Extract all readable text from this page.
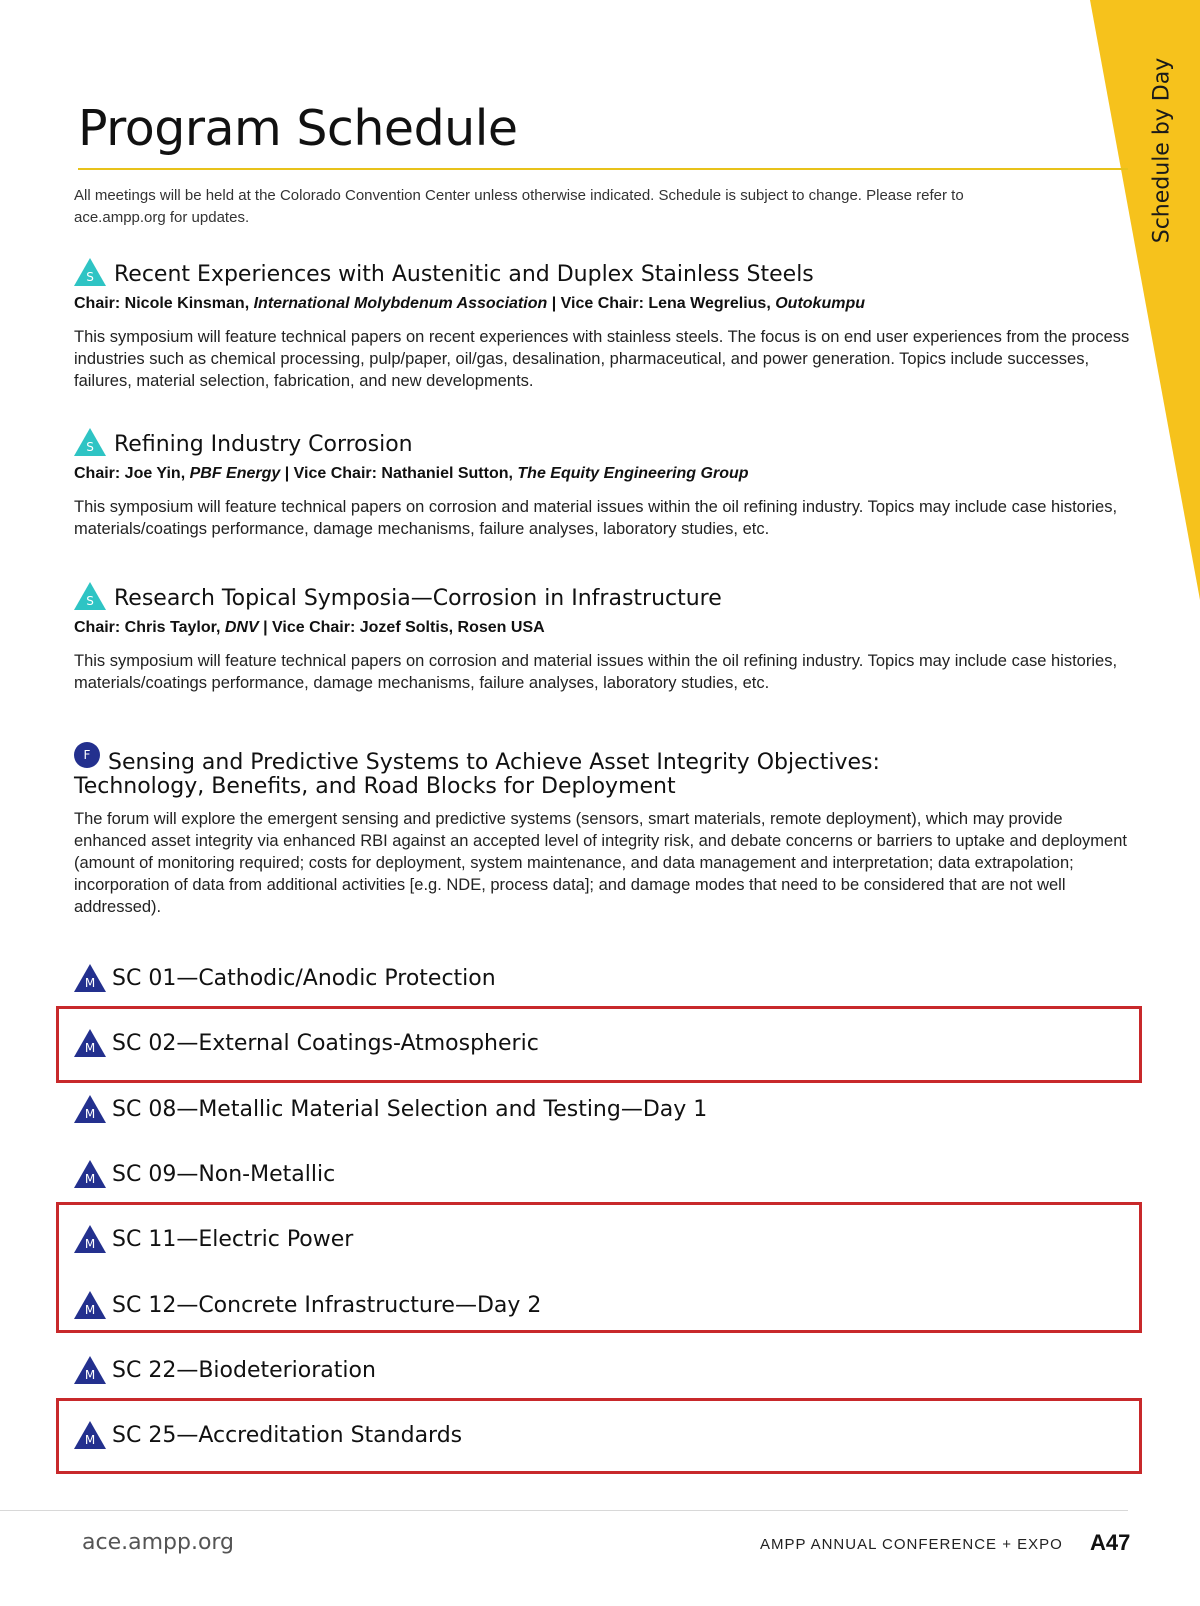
Schedule by Day
Program Schedule

All meetings will be held at the Colorado Convention Center unless otherwise indicated. Schedule is subject to change. Please refer to ace.ampp.org for updates.

S Recent Experiences with Austenitic and Duplex Stainless Steels

Chair: Nicole Kinsman, International Molybdenum Association | Vice Chair: Lena Wegrelius, Outokumpu

This symposium will feature technical papers on recent experiences with stainless steels. The focus is on end user experiences from the process industries such as chemical processing, pulp/paper, oil/gas, desalination, pharmaceutical, and power generation. Topics include successes, failures, material selection, fabrication, and new developments.

S Refining Industry Corrosion

Chair: Joe Yin, PBF Energy | Vice Chair: Nathaniel Sutton, The Equity Engineering Group

This symposium will feature technical papers on corrosion and material issues within the oil refining industry. Topics may include case histories, materials/coatings performance, damage mechanisms, failure analyses, laboratory studies, etc.

S Research Topical Symposia—Corrosion in Infrastructure

Chair: Chris Taylor, DNV | Vice Chair: Jozef Soltis, Rosen USA

This symposium will feature technical papers on corrosion and material issues within the oil refining industry. Topics may include case histories, materials/coatings performance, damage mechanisms, failure analyses, laboratory studies, etc.

F Sensing and Predictive Systems to Achieve Asset Integrity Objectives:
Technology, Benefits, and Road Blocks for Deployment

The forum will explore the emergent sensing and predictive systems (sensors, smart materials, remote deployment), which may provide enhanced asset integrity via enhanced RBI against an accepted level of integrity risk, and debate concerns or barriers to uptake and deployment (amount of monitoring required; costs for deployment, system maintenance, and data management and interpretation; data extrapolation; incorporation of data from additional activities [e.g. NDE, process data]; and damage modes that need to be considered that are not well addressed).

M SC 01—Cathodic/Anodic Protection
M SC 02—External Coatings-Atmospheric
M SC 08—Metallic Material Selection and Testing—Day 1
M SC 09—Non-Metallic
M SC 11—Electric Power
M SC 12—Concrete Infrastructure—Day 2
M SC 22—Biodeterioration
M SC 25—Accreditation Standards
ace.ampp.org	AMPP ANNUAL CONFERENCE + EXPO A47
